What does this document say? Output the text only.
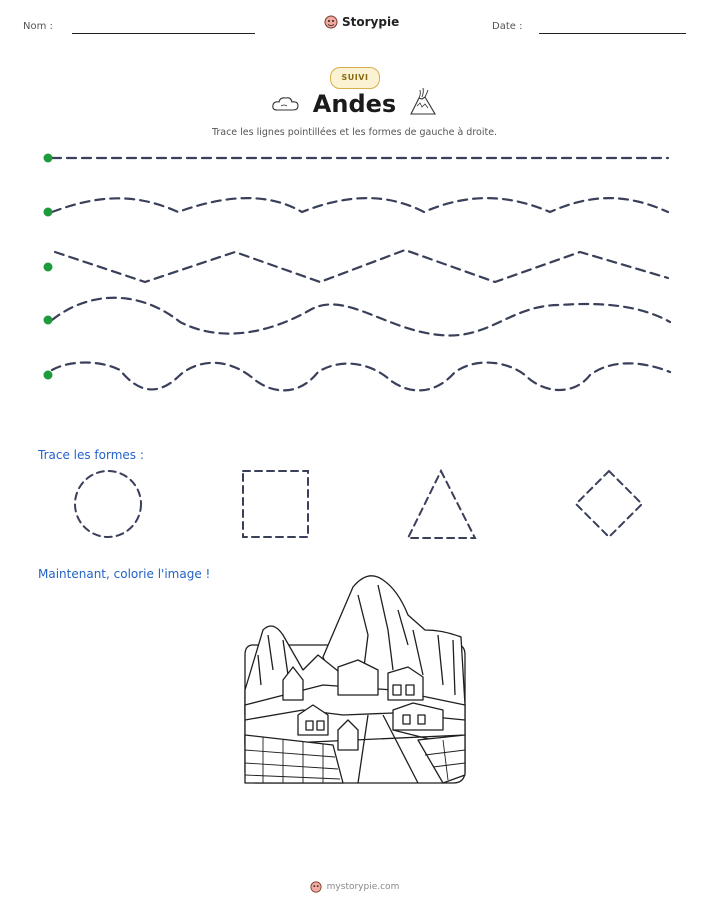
Nom :	Storypie	Date :
SUIVI
Andes
Trace les lignes pointillées et les formes de gauche à droite.
Trace les formes :
Maintenant, colorie l'image !
mystorypie.com
